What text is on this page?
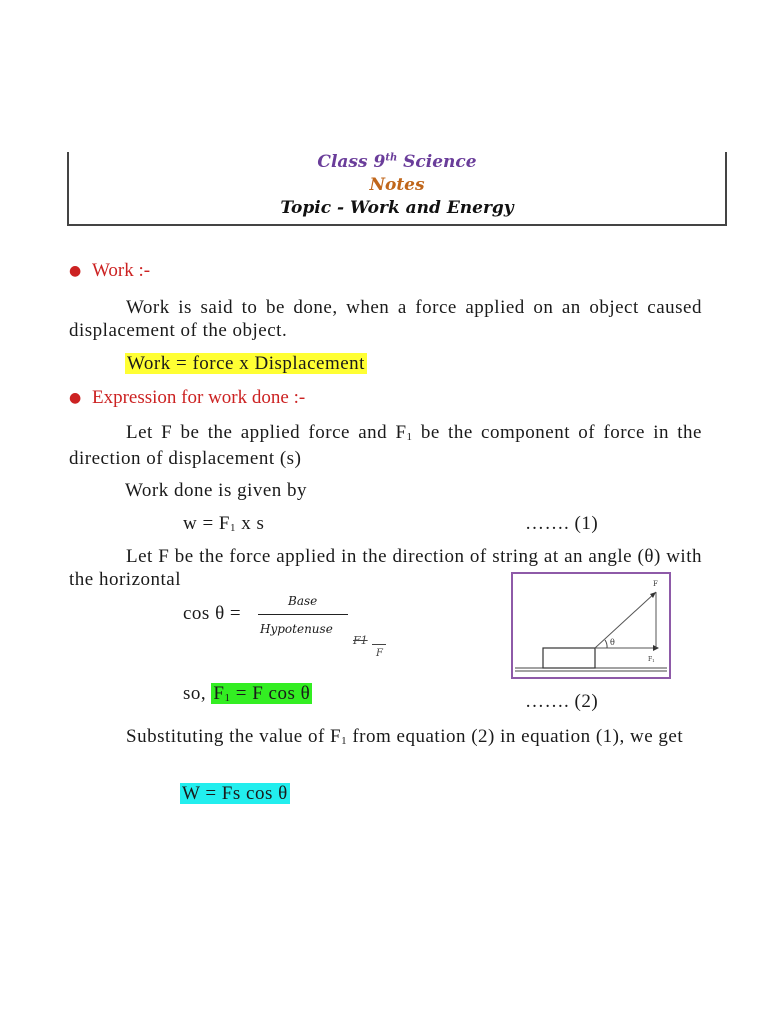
Class 9th Science
Notes
Topic - Work and Energy
● Work :-
Work is said to be done, when a force applied on an object caused displacement of the object.
Work = force x Displacement
● Expression for work done :-
Let F be the applied force and $F_1$ be the component of force in the direction of displacement (s)
Work done is given by
$w = F_1$ x s	……. (1)
Let F be the force applied in the direction of string at an angle (θ) with the horizontal
cos θ =
Base
Hypotenuse
F1
F
F
θ
F1
so, $F_1 = F$ cos θ	……. (2)
Substituting the value of $F_1$ from equation (2) in equation (1), we get
W = Fs cos θ
